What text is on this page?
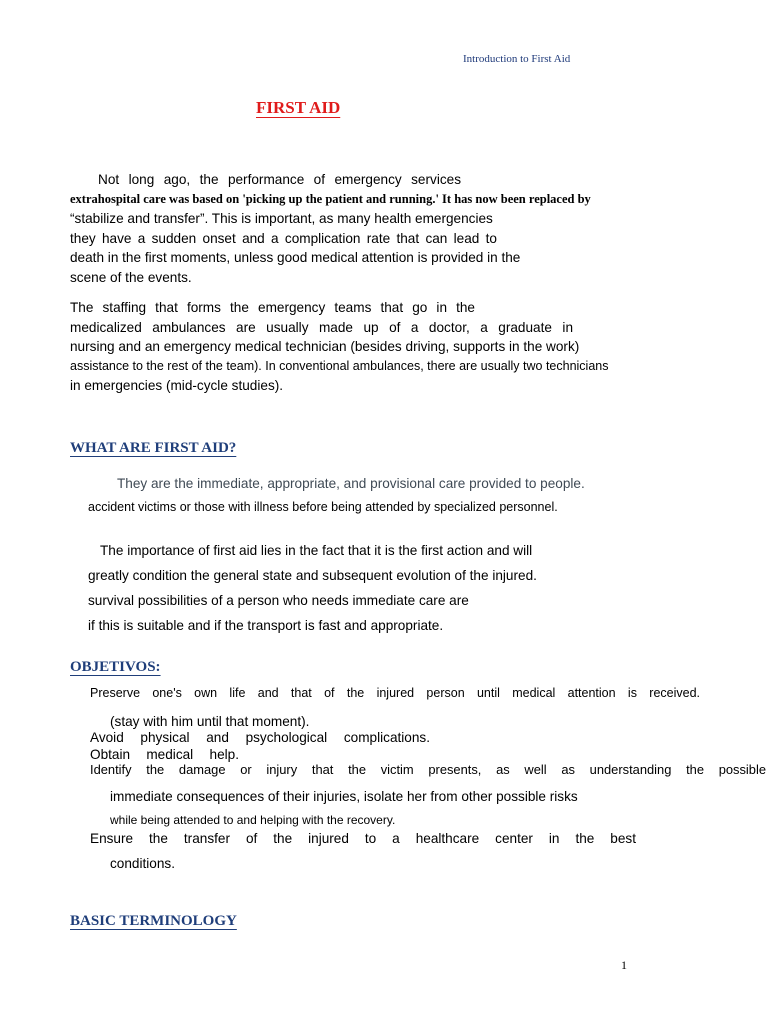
Introduction to First Aid
FIRST AID
Not long ago, the performance of emergency services
extrahospital care was based on 'picking up the patient and running.' It has now been replaced by
“stabilize and transfer”. This is important, as many health emergencies
they have a sudden onset and a complication rate that can lead to
death in the first moments, unless good medical attention is provided in the
scene of the events.
The staffing that forms the emergency teams that go in the
medicalized ambulances are usually made up of a doctor, a graduate in
nursing and an emergency medical technician (besides driving, supports in the work)
assistance to the rest of the team). In conventional ambulances, there are usually two technicians
in emergencies (mid-cycle studies).
WHAT ARE FIRST AID?
They are the immediate, appropriate, and provisional care provided to people.
accident victims or those with illness before being attended by specialized personnel.
The importance of first aid lies in the fact that it is the first action and will
greatly condition the general state and subsequent evolution of the injured.
survival possibilities of a person who needs immediate care are
if this is suitable and if the transport is fast and appropriate.
OBJETIVOS:
Preserve one's own life and that of the injured person until medical attention is received.
(stay with him until that moment).
Avoid physical and psychological complications.
Obtain medical help.
Identify the damage or injury that the victim presents, as well as understanding the possible
immediate consequences of their injuries, isolate her from other possible risks
while being attended to and helping with the recovery.
Ensure the transfer of the injured to a healthcare center in the best
conditions.
BASIC TERMINOLOGY
1
